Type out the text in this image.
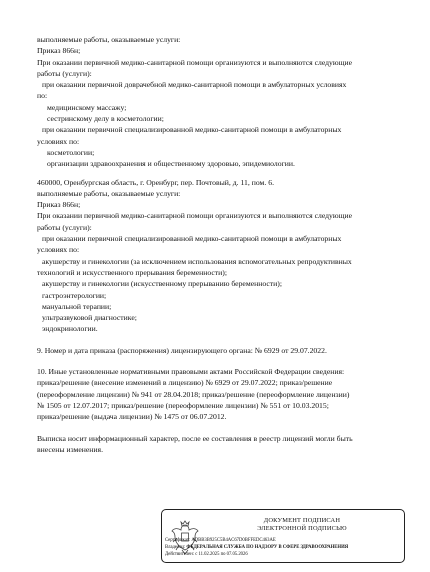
выполняемые работы, оказываемые услуги:
Приказ 866н;
При оказании первичной медико-санитарной помощи организуются и выполняются следующие
работы (услуги):
при оказании первичной доврачебной медико-санитарной помощи в амбулаторных условиях
по:
медицинскому массажу;
сестринскому делу в косметологии;
при оказании первичной специализированной медико-санитарной помощи в амбулаторных
условиях по:
косметологии;
организации здравоохранения и общественному здоровью, эпидемиологии.
460000, Оренбургская область, г. Оренбург, пер. Почтовый, д. 11, пом. 6.
выполняемые работы, оказываемые услуги:
Приказ 866н;
При оказании первичной медико-санитарной помощи организуются и выполняются следующие
работы (услуги):
при оказании первичной специализированной медико-санитарной помощи в амбулаторных
условиях по:
акушерству и гинекологии (за исключением использования вспомогательных репродуктивных
технологий и искусственного прерывания беременности);
акушерству и гинекологии (искусственному прерыванию беременности);
гастроэнтерологии;
мануальной терапии;
ультразвуковой диагностике;
эндокринологии.
9. Номер и дата приказа (распоряжения) лицензирующего органа: № 6929 от 29.07.2022.
10. Иные установленные нормативными правовыми актами Российской Федерации сведения:
приказ/решение (внесение изменений в лицензию) № 6929 от 29.07.2022; приказ/решение
(переоформление лицензии) № 941 от 28.04.2018; приказ/решение (переоформление лицензии)
№ 1505 от 12.07.2017; приказ/решение (переоформление лицензии) № 551 от 10.03.2015;
приказ/решение (выдача лицензии) № 1475 от 06.07.2012.
Выписка носит информационный характер, после ее составления в реестр лицензий могли быть
внесены изменения.
ДОКУМЕНТ ПОДПИСАН
ЭЛЕКТРОННОЙ ПОДПИСЬЮ
Сертификат: ADBB3B925C5B4AC67D0BFFEDC463AE
Владелец: ФЕДЕРАЛЬНАЯ СЛУЖБА ПО НАДЗОРУ В СФЕРЕ ЗДРАВООХРАНЕНИЯ
Действителен: с 11.02.2025 по 07.05.2026
